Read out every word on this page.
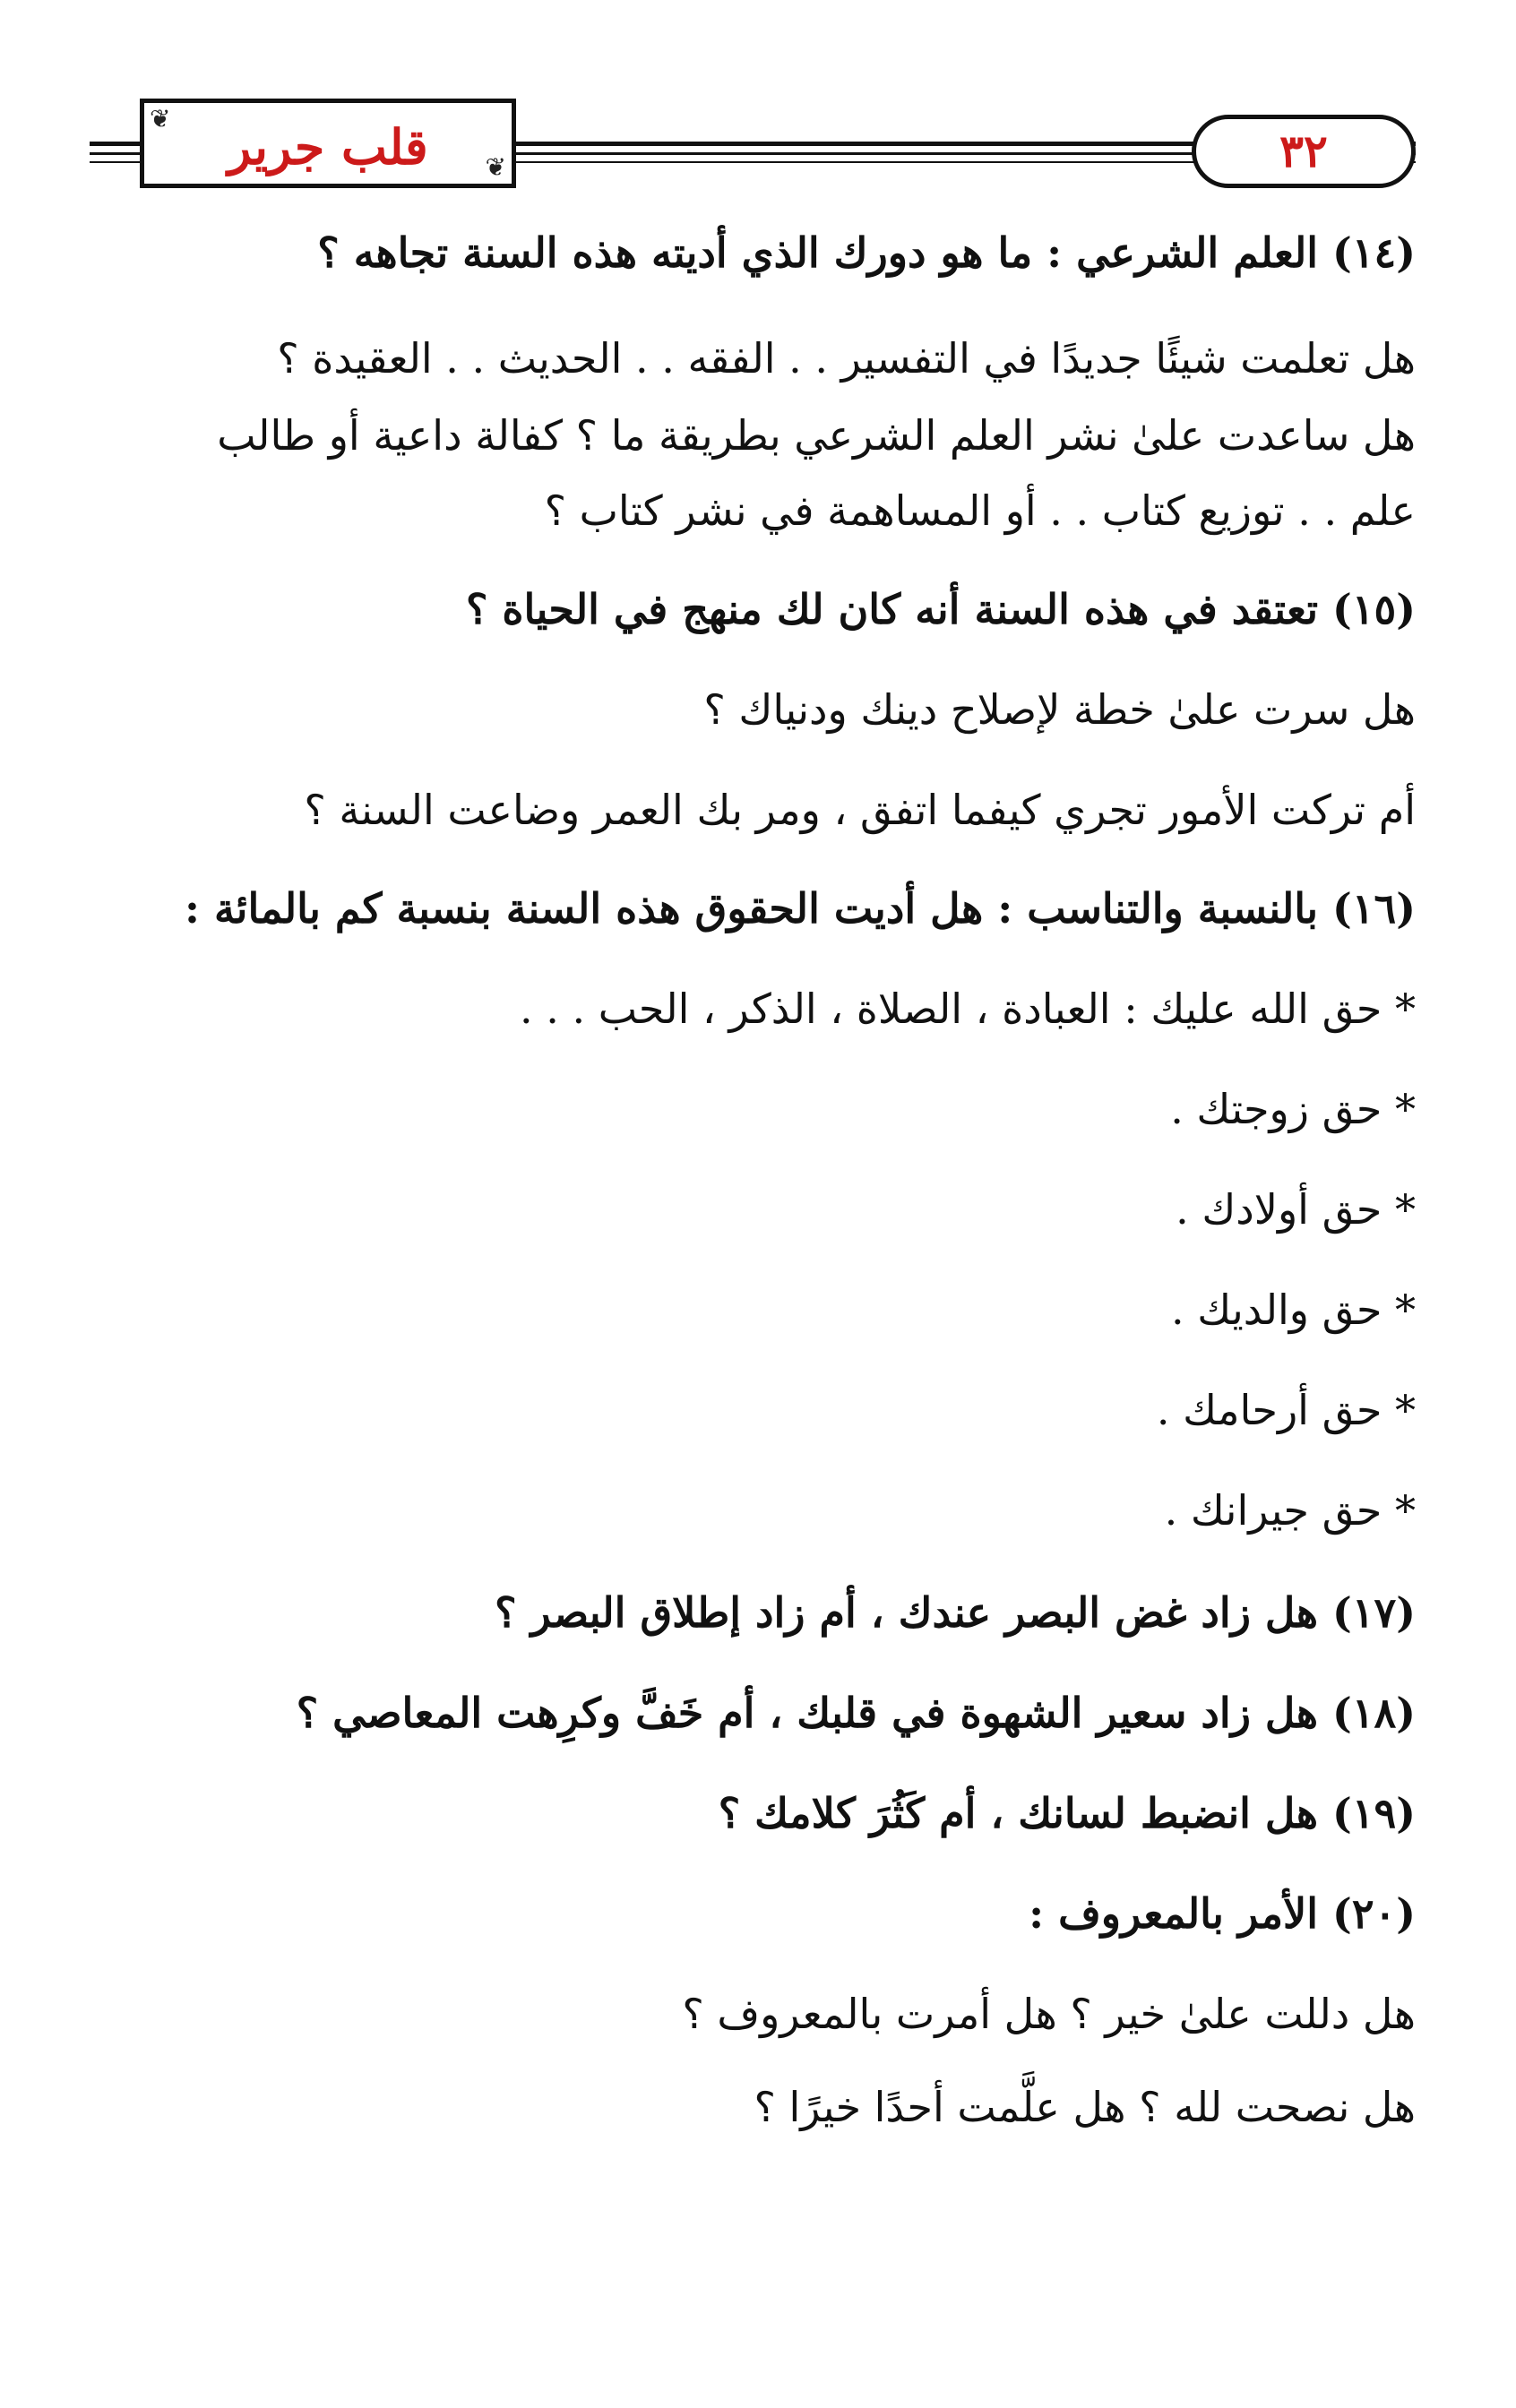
❦
❦
قلب جرير	٣٢
(١٤) العلم الشرعي : ما هو دورك الذي أديته هذه السنة تجاهه ؟
هل تعلمت شيئًا جديدًا في التفسير . . الفقه . . الحديث . . العقيدة ؟
هل ساعدت علىٰ نشر العلم الشرعي بطريقة ما ؟ كفالة داعية أو طالب
علم . . توزيع كتاب . . أو المساهمة في نشر كتاب ؟
(١٥) تعتقد في هذه السنة أنه كان لك منهج في الحياة ؟
هل سرت علىٰ خطة لإصلاح دينك ودنياك ؟
أم تركت الأمور تجري كيفما اتفق ، ومر بك العمر وضاعت السنة ؟
(١٦) بالنسبة والتناسب : هل أديت الحقوق هذه السنة بنسبة كم بالمائة :
* حق الله عليك : العبادة ، الصلاة ، الذكر ، الحب . . .
* حق زوجتك .
* حق أولادك .
* حق والديك .
* حق أرحامك .
* حق جيرانك .
(١٧) هل زاد غض البصر عندك ، أم زاد إطلاق البصر ؟
(١٨) هل زاد سعير الشهوة في قلبك ، أم خَفَّ وكرِهت المعاصي ؟
(١٩) هل انضبط لسانك ، أم كَثُرَ كلامك ؟
(٢٠) الأمر بالمعروف :
هل دللت علىٰ خير ؟ هل أمرت بالمعروف ؟
هل نصحت لله ؟ هل علَّمت أحدًا خيرًا ؟
